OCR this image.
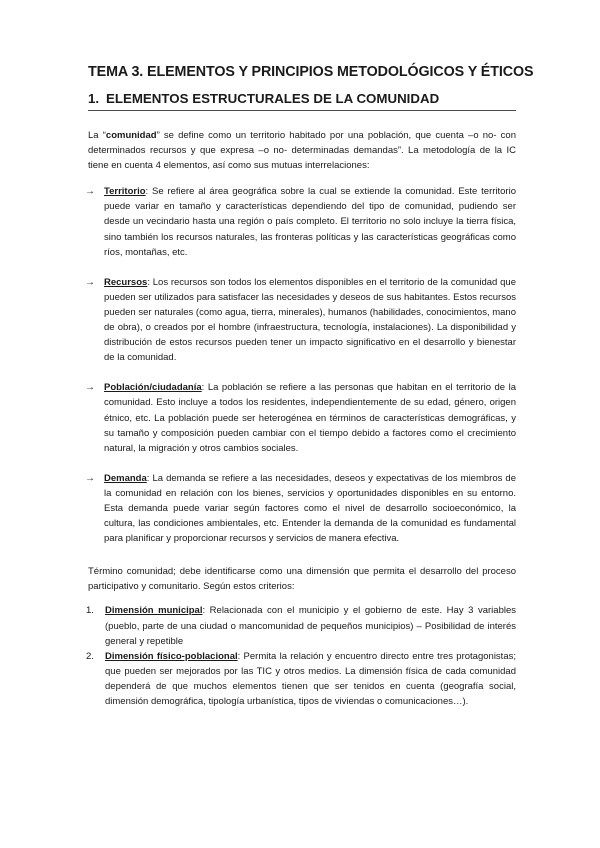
TEMA 3. ELEMENTOS Y PRINCIPIOS METODOLÓGICOS Y ÉTICOS
1. ELEMENTOS ESTRUCTURALES DE LA COMUNIDAD

La “comunidad” se define como un territorio habitado por una población, que cuenta –o no- con determinados recursos y que expresa –o no- determinadas demandas”. La metodología de la IC tiene en cuenta 4 elementos, así como sus mutuas interrelaciones:

→ Territorio: Se refiere al área geográfica sobre la cual se extiende la comunidad. Este territorio puede variar en tamaño y características dependiendo del tipo de comunidad, pudiendo ser desde un vecindario hasta una región o país completo. El territorio no solo incluye la tierra física, sino también los recursos naturales, las fronteras políticas y las características geográficas como ríos, montañas, etc.

→ Recursos: Los recursos son todos los elementos disponibles en el territorio de la comunidad que pueden ser utilizados para satisfacer las necesidades y deseos de sus habitantes. Estos recursos pueden ser naturales (como agua, tierra, minerales), humanos (habilidades, conocimientos, mano de obra), o creados por el hombre (infraestructura, tecnología, instalaciones). La disponibilidad y distribución de estos recursos pueden tener un impacto significativo en el desarrollo y bienestar de la comunidad.

→ Población/ciudadanía: La población se refiere a las personas que habitan en el territorio de la comunidad. Esto incluye a todos los residentes, independientemente de su edad, género, origen étnico, etc. La población puede ser heterogénea en términos de características demográficas, y su tamaño y composición pueden cambiar con el tiempo debido a factores como el crecimiento natural, la migración y otros cambios sociales.

→ Demanda: La demanda se refiere a las necesidades, deseos y expectativas de los miembros de la comunidad en relación con los bienes, servicios y oportunidades disponibles en su entorno. Esta demanda puede variar según factores como el nivel de desarrollo socioeconómico, la cultura, las condiciones ambientales, etc. Entender la demanda de la comunidad es fundamental para planificar y proporcionar recursos y servicios de manera efectiva.

Término comunidad; debe identificarse como una dimensión que permita el desarrollo del proceso participativo y comunitario. Según estos criterios:

1. Dimensión municipal: Relacionada con el municipio y el gobierno de este. Hay 3 variables (pueblo, parte de una ciudad o mancomunidad de pequeños municipios) – Posibilidad de interés general y repetible

2. Dimensión físico-poblacional: Permita la relación y encuentro directo entre tres protagonistas; que pueden ser mejorados por las TIC y otros medios. La dimensión física de cada comunidad dependerá de que muchos elementos tienen que ser tenidos en cuenta (geografía social, dimensión demográfica, tipología urbanística, tipos de viviendas o comunicaciones…).
